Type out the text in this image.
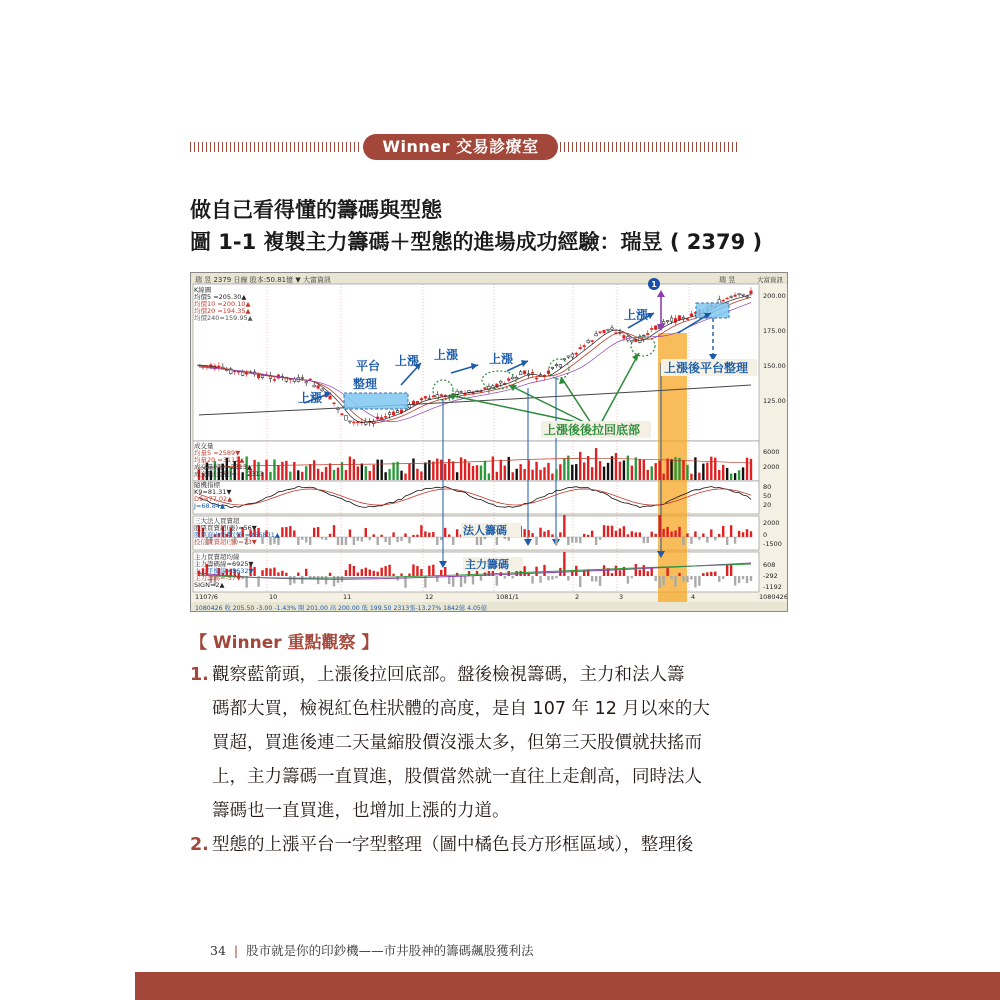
Winner 交易診療室
做自己看得懂的籌碼與型態
圖 1-1 複製主力籌碼＋型態的進場成功經驗：瑞昱 ( 2379 )
瑞 昱 2379 日線 股本:50.81億 ▼ 大富資訊	瑞 昱	大富資訊
K線圖
均價5 =205.30▲
均價10 =200.10▲
均價20 =194.35▲
均價240=159.95▲
200.00
175.00
150.00
125.00
1
上漲
平台
整理
上漲 上漲	上漲
上漲
上漲後平台整理
上漲後後拉回底部
成交量
均量5 =2589▼
均量20 =3112▲
成交量(張)=2313▲
成交量(金額)= 2313
6000
2000
隨機指標
K9=81.31▼
D9=77.02▲
J=68.84▲
80
50
20
三大法人買賣超
股票買賣超(張)=56▼
股票進出張數(張)=266801▲
投信買賣超(張)=73▼
2000
0
-1500
法人籌碼
主力買賣超均線
主力籌碼線=6925▼
主力平衡線=5632▼
主力籌碼=-57▼
SIGN=2▲
608
-292
-1192
主力籌碼
1107/6	10	11	12	1081/1	2	3	4	1080426
1080426 收 205.50 -3.00 -1.43% 開 201.00 高 200.00 低 199.50 2313張-13.27% 1842億 4.05億
【 Winner 重點觀察 】
1. 觀察藍箭頭，上漲後拉回底部。盤後檢視籌碼，主力和法人籌
碼都大買，檢視紅色柱狀體的高度，是自 107 年 12 月以來的大
買超，買進後連二天量縮股價沒漲太多，但第三天股價就扶搖而
上，主力籌碼一直買進，股價當然就一直往上走創高，同時法人
籌碼也一直買進，也增加上漲的力道。
2. 型態的上漲平台一字型整理（圖中橘色長方形框區域），整理後
34 | 股市就是你的印鈔機——市井股神的籌碼飆股獲利法
